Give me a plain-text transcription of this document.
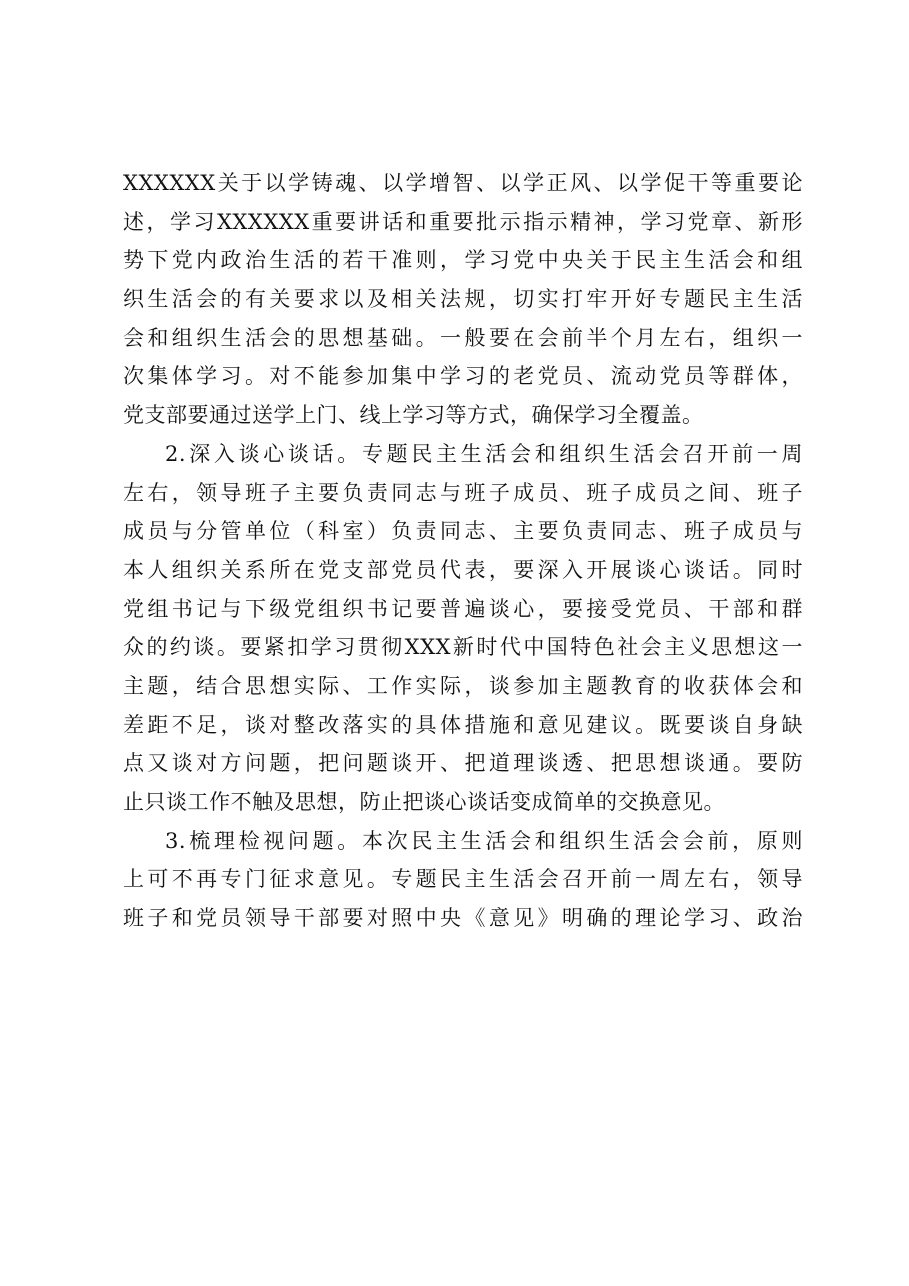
XXXXXX关于以学铸魂、以学增智、以学正风、以学促干等重要论
述，学习XXXXXX重要讲话和重要批示指示精神，学习党章、新形
势下党内政治生活的若干准则，学习党中央关于民主生活会和组
织生活会的有关要求以及相关法规，切实打牢开好专题民主生活
会和组织生活会的思想基础。一般要在会前半个月左右，组织一
次集体学习。对不能参加集中学习的老党员、流动党员等群体，
党支部要通过送学上门、线上学习等方式，确保学习全覆盖。
2.深入谈心谈话。专题民主生活会和组织生活会召开前一周
左右，领导班子主要负责同志与班子成员、班子成员之间、班子
成员与分管单位（科室）负责同志、主要负责同志、班子成员与
本人组织关系所在党支部党员代表，要深入开展谈心谈话。同时
党组书记与下级党组织书记要普遍谈心，要接受党员、干部和群
众的约谈。要紧扣学习贯彻XXX新时代中国特色社会主义思想这一
主题，结合思想实际、工作实际，谈参加主题教育的收获体会和
差距不足，谈对整改落实的具体措施和意见建议。既要谈自身缺
点又谈对方问题，把问题谈开、把道理谈透、把思想谈通。要防
止只谈工作不触及思想，防止把谈心谈话变成简单的交换意见。
3.梳理检视问题。本次民主生活会和组织生活会会前，原则
上可不再专门征求意见。专题民主生活会召开前一周左右，领导
班子和党员领导干部要对照中央《意见》明确的理论学习、政治
